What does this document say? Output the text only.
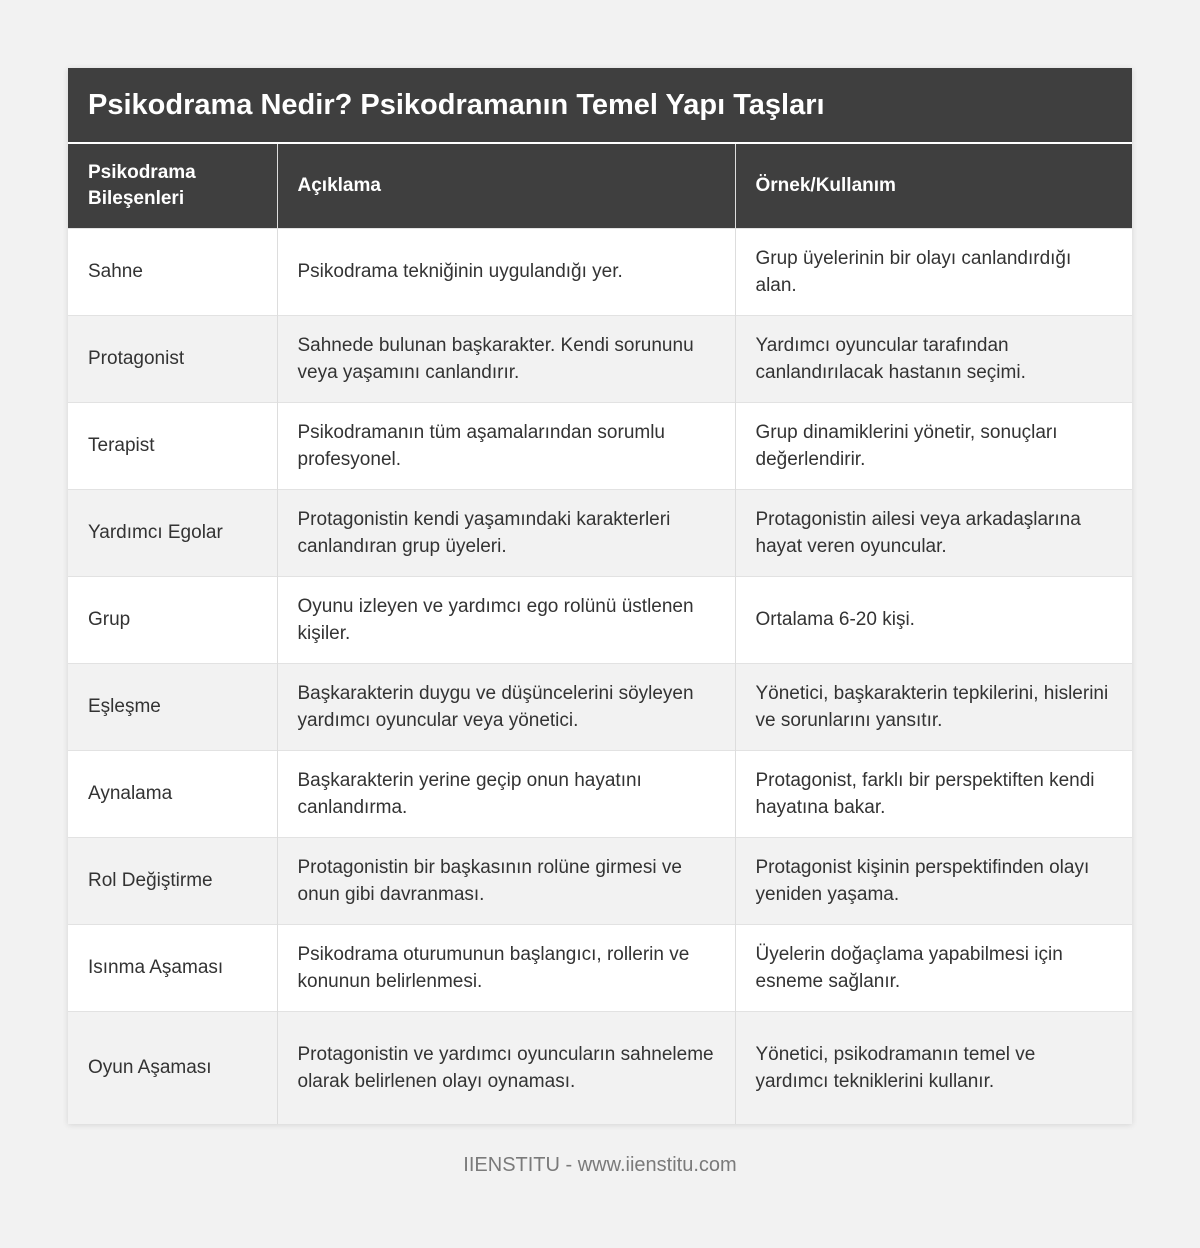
Psikodrama Nedir? Psikodramanın Temel Yapı Taşları
Psikodrama Bileşenleri	Açıklama	Örnek/Kullanım
Sahne	Psikodrama tekniğinin uygulandığı yer.	Grup üyelerinin bir olayı canlandırdığı alan.
Protagonist	Sahnede bulunan başkarakter. Kendi sorununu veya yaşamını canlandırır.	Yardımcı oyuncular tarafından canlandırılacak hastanın seçimi.
Terapist	Psikodramanın tüm aşamalarından sorumlu profesyonel.	Grup dinamiklerini yönetir, sonuçları değerlendirir.
Yardımcı Egolar	Protagonistin kendi yaşamındaki karakterleri canlandıran grup üyeleri.	Protagonistin ailesi veya arkadaşlarına hayat veren oyuncular.
Grup	Oyunu izleyen ve yardımcı ego rolünü üstlenen kişiler.	Ortalama 6-20 kişi.
Eşleşme	Başkarakterin duygu ve düşüncelerini söyleyen yardımcı oyuncular veya yönetici.	Yönetici, başkarakterin tepkilerini, hislerini ve sorunlarını yansıtır.
Aynalama	Başkarakterin yerine geçip onun hayatını canlandırma.	Protagonist, farklı bir perspektiften kendi hayatına bakar.
Rol Değiştirme	Protagonistin bir başkasının rolüne girmesi ve onun gibi davranması.	Protagonist kişinin perspektifinden olayı yeniden yaşama.
Isınma Aşaması	Psikodrama oturumunun başlangıcı, rollerin ve konunun belirlenmesi.	Üyelerin doğaçlama yapabilmesi için esneme sağlanır.
Oyun Aşaması	Protagonistin ve yardımcı oyuncuların sahneleme olarak belirlenen olayı oynaması.	Yönetici, psikodramanın temel ve yardımcı tekniklerini kullanır.
IIENSTITU - www.iienstitu.com
